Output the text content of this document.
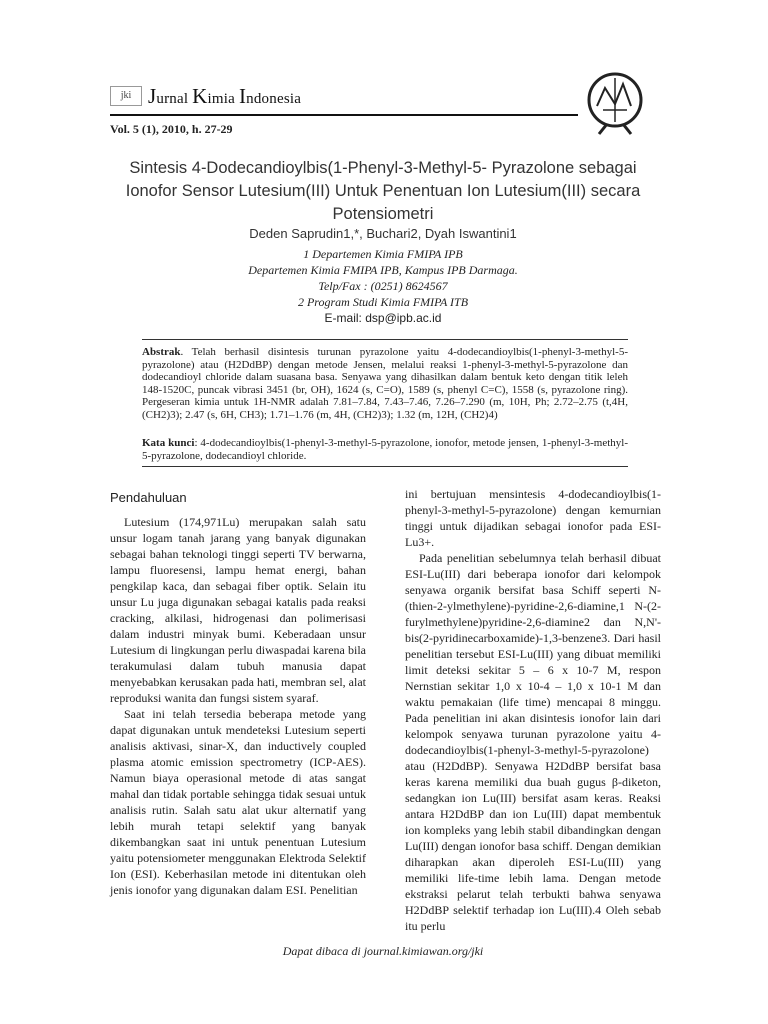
jki Jurnal Kimia Indonesia
Vol. 5 (1), 2010, h. 27-29
Sintesis 4-Dodecandioylbis(1-Phenyl-3-Methyl-5- Pyrazolone sebagai
Ionofor Sensor Lutesium(III) Untuk Penentuan Ion Lutesium(III) secara
Potensiometri
Deden Saprudin1,*, Buchari2, Dyah Iswantini1
1 Departemen Kimia FMIPA IPB
Departemen Kimia FMIPA IPB, Kampus IPB Darmaga.
Telp/Fax : (0251) 8624567
2 Program Studi Kimia FMIPA ITB
E-mail: dsp@ipb.ac.id
Abstrak. Telah berhasil disintesis turunan pyrazolone yaitu 4-dodecandioylbis(1-phenyl-3-methyl-5-pyrazolone) atau (H2DdBP) dengan metode Jensen, melalui reaksi 1-phenyl-3-methyl-5-pyrazolone dan dodecandioyl chloride dalam suasana basa. Senyawa yang dihasilkan dalam bentuk keto dengan titik leleh 148-1520C, puncak vibrasi 3451 (br, OH), 1624 (s, C=O), 1589 (s, phenyl C=C), 1558 (s, pyrazolone ring). Pergeseran kimia untuk 1H-NMR adalah 7.81–7.84, 7.43–7.46, 7.26–7.290 (m, 10H, Ph; 2.72–2.75 (t,4H, (CH2)3); 2.47 (s, 6H, CH3); 1.71–1.76 (m, 4H, (CH2)3); 1.32 (m, 12H, (CH2)4)
Kata kunci: 4-dodecandioylbis(1-phenyl-3-methyl-5-pyrazolone, ionofor, metode jensen, 1-phenyl-3-methyl-5-pyrazolone, dodecandioyl chloride.
Pendahuluan

Lutesium (174,971Lu) merupakan salah satu unsur logam tanah jarang yang banyak digunakan sebagai bahan teknologi tinggi seperti TV berwarna, lampu fluoresensi, lampu hemat energi, bahan pengkilap kaca, dan sebagai fiber optik. Selain itu unsur Lu juga digunakan sebagai katalis pada reaksi cracking, alkilasi, hidrogenasi dan polimerisasi dalam industri minyak bumi. Keberadaan unsur Lutesium di lingkungan perlu diwaspadai karena bila terakumulasi dalam tubuh manusia dapat menyebabkan kerusakan pada hati, membran sel, alat reproduksi wanita dan fungsi sistem syaraf.

Saat ini telah tersedia beberapa metode yang dapat digunakan untuk mendeteksi Lutesium seperti analisis aktivasi, sinar-X, dan inductively coupled plasma atomic emission spectrometry (ICP-AES). Namun biaya operasional metode di atas sangat mahal dan tidak portable sehingga tidak sesuai untuk analisis rutin. Salah satu alat ukur alternatif yang lebih murah tetapi selektif yang banyak dikembangkan saat ini untuk penentuan Lutesium yaitu potensiometer menggunakan Elektroda Selektif Ion (ESI). Keberhasilan metode ini ditentukan oleh jenis ionofor yang digunakan dalam ESI. Penelitian

ini bertujuan mensintesis 4-dodecandioylbis(1-phenyl-3-methyl-5-pyrazolone) dengan kemurnian tinggi untuk dijadikan sebagai ionofor pada ESI-Lu3+.

Pada penelitian sebelumnya telah berhasil dibuat ESI-Lu(III) dari beberapa ionofor dari kelompok senyawa organik bersifat basa Schiff seperti N-(thien-2-ylmethylene)-pyridine-2,6-diamine,1 N-(2-furylmethylene)pyridine-2,6-diamine2 dan N,N'-bis(2-pyridinecarboxamide)-1,3-benzene3. Dari hasil penelitian tersebut ESI-Lu(III) yang dibuat memiliki limit deteksi sekitar 5 – 6 x 10-7 M, respon Nernstian sekitar 1,0 x 10-4 – 1,0 x 10-1 M dan waktu pemakaian (life time) mencapai 8 minggu. Pada penelitian ini akan disintesis ionofor lain dari kelompok senyawa turunan pyrazolone yaitu 4-dodecandioylbis(1-phenyl-3-methyl-5-pyrazolone) atau (H2DdBP). Senyawa H2DdBP bersifat basa keras karena memiliki dua buah gugus β-diketon, sedangkan ion Lu(III) bersifat asam keras. Reaksi antara H2DdBP dan ion Lu(III) dapat membentuk ion kompleks yang lebih stabil dibandingkan dengan Lu(III) dengan ionofor basa schiff. Dengan demikian diharapkan akan diperoleh ESI-Lu(III) yang memiliki life-time lebih lama. Dengan metode ekstraksi pelarut telah terbukti bahwa senyawa H2DdBP selektif terhadap ion Lu(III).4 Oleh sebab itu perlu

Dapat dibaca di journal.kimiawan.org/jki
